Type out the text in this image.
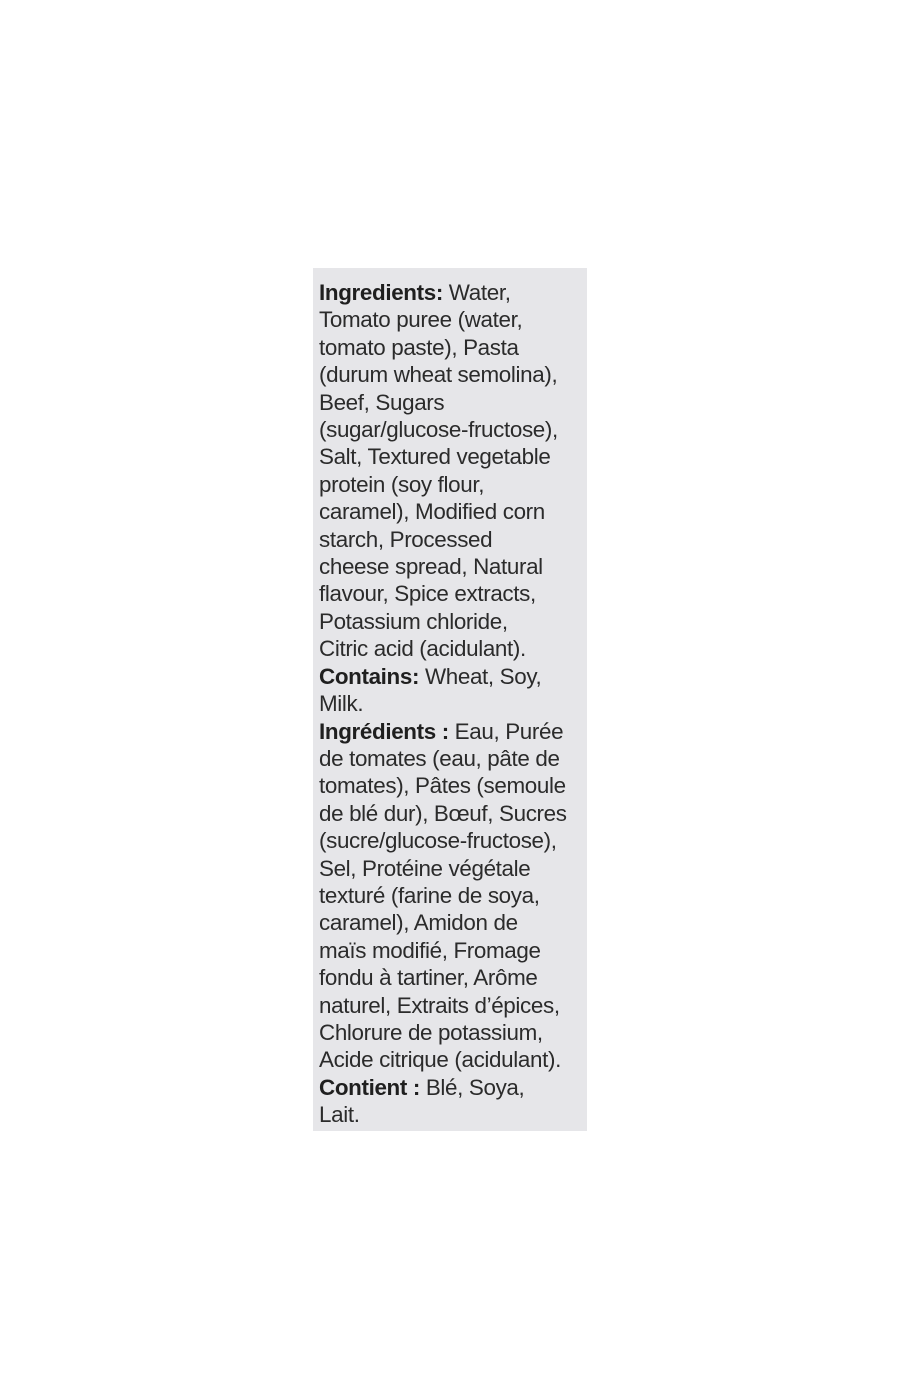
Ingredients: Water,
Tomato puree (water,
tomato paste), Pasta
(durum wheat semolina),
Beef, Sugars
(sugar/glucose-fructose),
Salt, Textured vegetable
protein (soy flour,
caramel), Modified corn
starch, Processed
cheese spread, Natural
flavour, Spice extracts,
Potassium chloride,
Citric acid (acidulant).

Contains: Wheat, Soy,
Milk.

Ingrédients : Eau, Purée
de tomates (eau, pâte de
tomates), Pâtes (semoule
de blé dur), Bœuf, Sucres
(sucre/glucose-fructose),
Sel, Protéine végétale
texturé (farine de soya,
caramel), Amidon de
maïs modifié, Fromage
fondu à tartiner, Arôme
naturel, Extraits d’épices,
Chlorure de potassium,
Acide citrique (acidulant).

Contient : Blé, Soya,
Lait.
